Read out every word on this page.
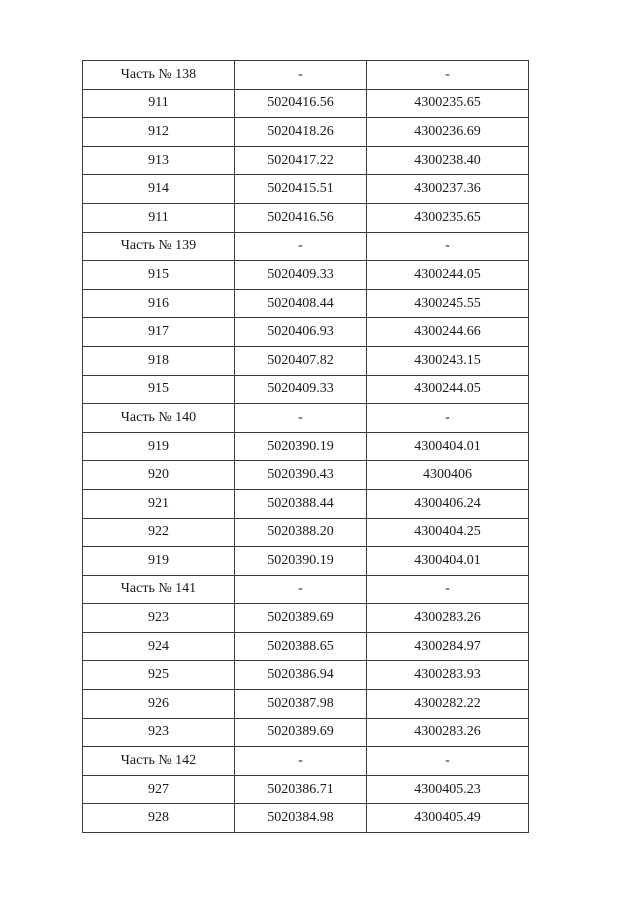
Часть № 138	-	-
911	5020416.56	4300235.65
912	5020418.26	4300236.69
913	5020417.22	4300238.40
914	5020415.51	4300237.36
911	5020416.56	4300235.65
Часть № 139	-	-
915	5020409.33	4300244.05
916	5020408.44	4300245.55
917	5020406.93	4300244.66
918	5020407.82	4300243.15
915	5020409.33	4300244.05
Часть № 140	-	-
919	5020390.19	4300404.01
920	5020390.43	4300406
921	5020388.44	4300406.24
922	5020388.20	4300404.25
919	5020390.19	4300404.01
Часть № 141	-	-
923	5020389.69	4300283.26
924	5020388.65	4300284.97
925	5020386.94	4300283.93
926	5020387.98	4300282.22
923	5020389.69	4300283.26
Часть № 142	-	-
927	5020386.71	4300405.23
928	5020384.98	4300405.49
